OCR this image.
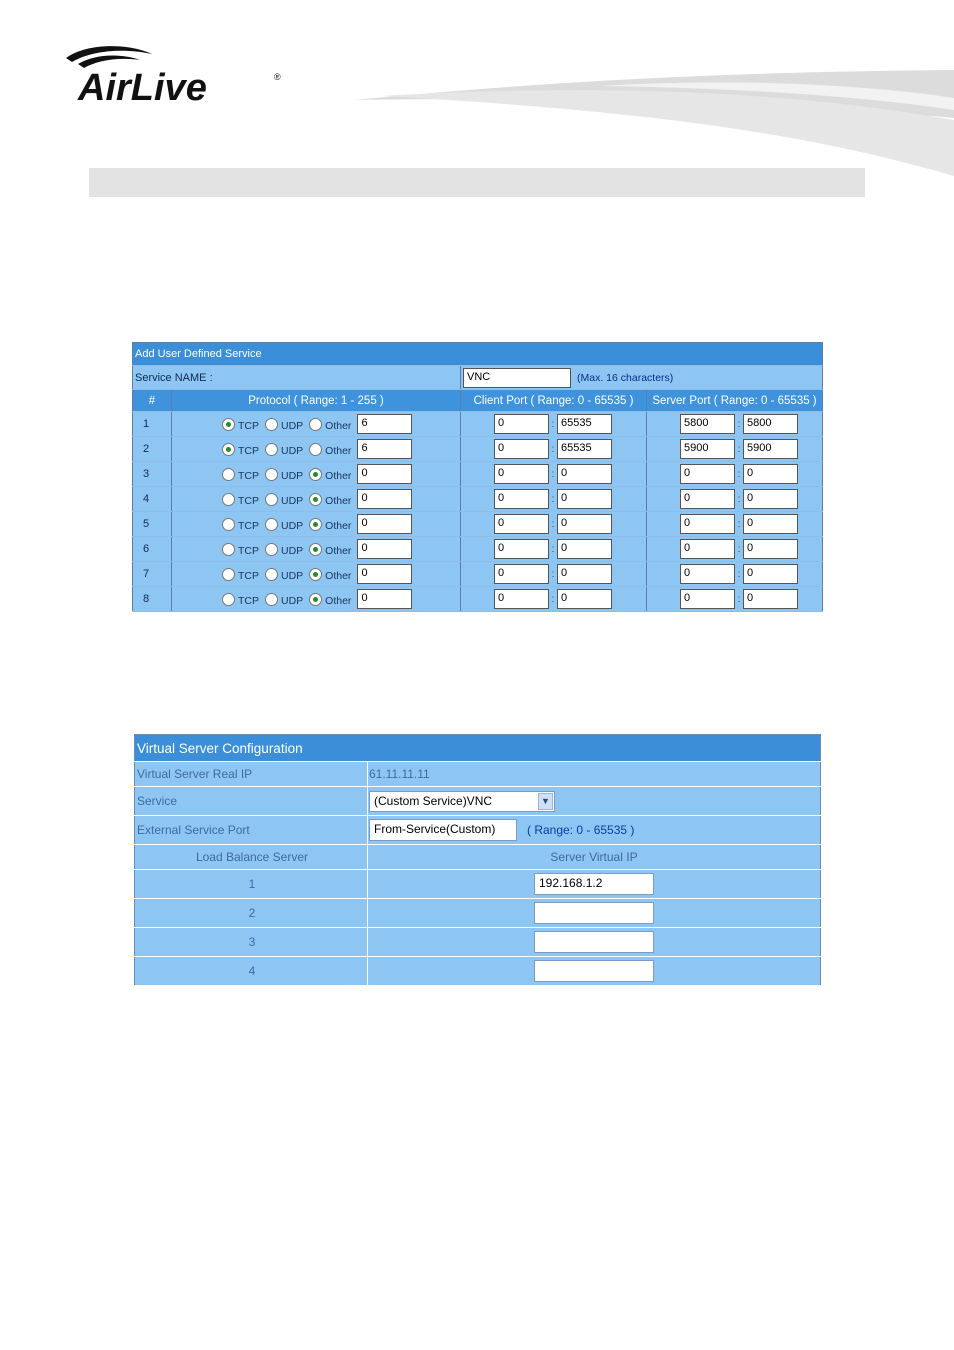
AirLive	®
Add User Defined Service			
Service NAME :		VNC (Max. 16 characters)	
#	Protocol ( Range: 1 - 255 )	Client Port ( Range: 0 - 65535 )	Server Port ( Range: 0 - 65535 )
1	TCP UDP Other 6	0 : 65535	5800 : 5800
2	TCP UDP Other 6	0 : 65535	5900 : 5900
3	TCP UDP Other 0	0 : 0	0 : 0
4	TCP UDP Other 0	0 : 0	0 : 0
5	TCP UDP Other 0	0 : 0	0 : 0
6	TCP UDP Other 0	0 : 0	0 : 0
7	TCP UDP Other 0	0 : 0	0 : 0
8	TCP UDP Other 0	0 : 0	0 : 0
Virtual Server Configuration	
Virtual Server Real IP	61.11.11.11
Service	(Custom Service)VNC ▼

External Service Port	From-Service(Custom) ( Range: 0 - 65535 )
Load Balance Server	Server Virtual IP
1	192.168.1.2
2	
3	
4	
